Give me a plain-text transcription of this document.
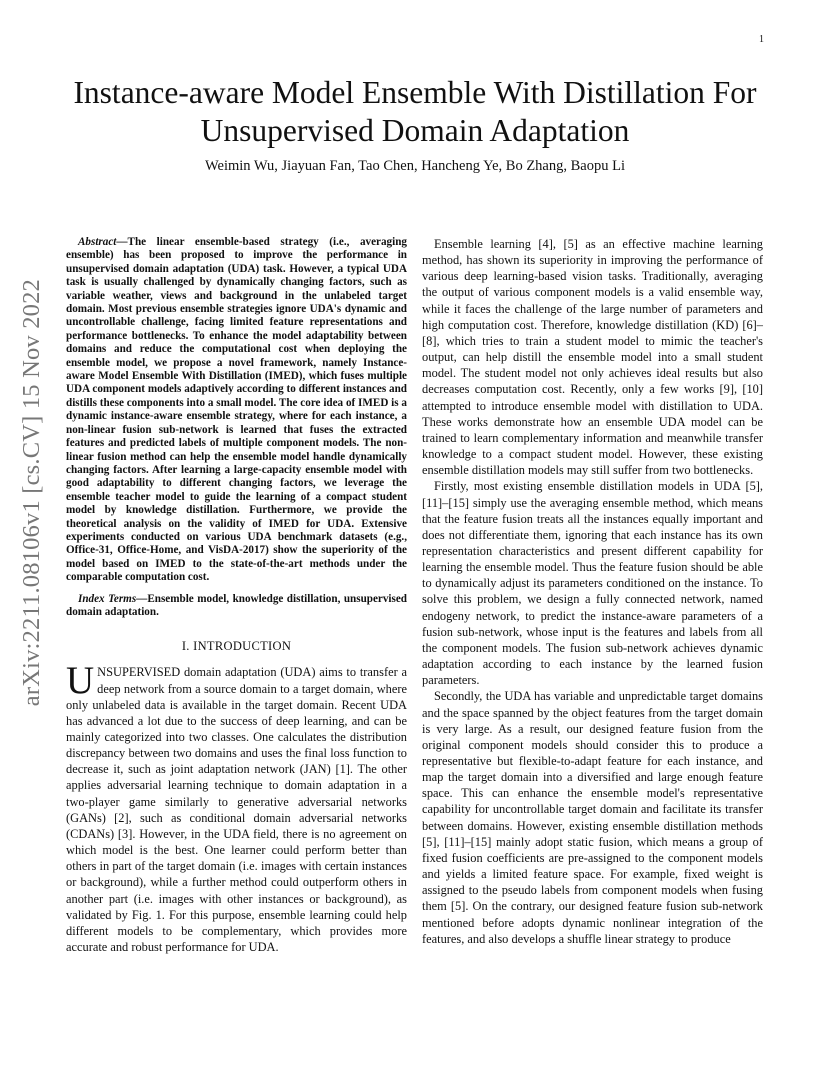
1
arXiv:2211.08106v1 [cs.CV] 15 Nov 2022
Instance-aware Model Ensemble With Distillation For Unsupervised Domain Adaptation
Weimin Wu, Jiayuan Fan, Tao Chen, Hancheng Ye, Bo Zhang, Baopu Li

Abstract—The linear ensemble-based strategy (i.e., averaging ensemble) has been proposed to improve the performance in unsupervised domain adaptation (UDA) task. However, a typical UDA task is usually challenged by dynamically changing factors, such as variable weather, views and background in the unlabeled target domain. Most previous ensemble strategies ignore UDA's dynamic and uncontrollable challenge, facing limited feature representations and performance bottlenecks. To enhance the model adaptability between domains and reduce the computational cost when deploying the ensemble model, we propose a novel framework, namely Instance-aware Model Ensemble With Distillation (IMED), which fuses multiple UDA component models adaptively according to different instances and distills these components into a small model. The core idea of IMED is a dynamic instance-aware ensemble strategy, where for each instance, a non-linear fusion sub-network is learned that fuses the extracted features and predicted labels of multiple component models. The non-linear fusion method can help the ensemble model handle dynamically changing factors. After learning a large-capacity ensemble model with good adaptability to different changing factors, we leverage the ensemble teacher model to guide the learning of a compact student model by knowledge distillation. Furthermore, we provide the theoretical analysis on the validity of IMED for UDA. Extensive experiments conducted on various UDA benchmark datasets (e.g., Office-31, Office-Home, and VisDA-2017) show the superiority of the model based on IMED to the state-of-the-art methods under the comparable computation cost.

Index Terms—Ensemble model, knowledge distillation, unsupervised domain adaptation.

I. INTRODUCTION

UNSUPERVISED domain adaptation (UDA) aims to transfer a deep network from a source domain to a target domain, where only unlabeled data is available in the target domain. Recent UDA has advanced a lot due to the success of deep learning, and can be mainly categorized into two classes. One calculates the distribution discrepancy between two domains and uses the final loss function to decrease it, such as joint adaptation network (JAN) [1]. The other applies adversarial learning technique to domain adaptation in a two-player game similarly to generative adversarial networks (GANs) [2], such as conditional domain adversarial networks (CDANs) [3]. However, in the UDA field, there is no agreement on which model is the best. One learner could perform better than others in part of the target domain (i.e. images with certain instances or background), while a further method could outperform others in another part (i.e. images with other instances or background), as validated by Fig. 1. For this purpose, ensemble learning could help different models to be complementary, which provides more accurate and robust performance for UDA.

Ensemble learning [4], [5] as an effective machine learning method, has shown its superiority in improving the performance of various deep learning-based vision tasks. Traditionally, averaging the output of various component models is a valid ensemble way, while it faces the challenge of the large number of parameters and high computation cost. Therefore, knowledge distillation (KD) [6]–[8], which tries to train a student model to mimic the teacher's output, can help distill the ensemble model into a small student model. The student model not only achieves ideal results but also decreases computation cost. Recently, only a few works [9], [10] attempted to introduce ensemble model with distillation to UDA. These works demonstrate how an ensemble UDA model can be trained to learn complementary information and meanwhile transfer knowledge to a compact student model. However, these existing ensemble distillation models may still suffer from two bottlenecks.

Firstly, most existing ensemble distillation models in UDA [5], [11]–[15] simply use the averaging ensemble method, which means that the feature fusion treats all the instances equally important and does not differentiate them, ignoring that each instance has its own representation characteristics and present different capability for learning the ensemble model. Thus the feature fusion should be able to dynamically adjust its parameters conditioned on the instance. To solve this problem, we design a fully connected network, named endogeny network, to predict the instance-aware parameters of a fusion sub-network, whose input is the features and labels from all the component models. The fusion sub-network achieves dynamic adaptation according to each instance by the learned fusion parameters.

Secondly, the UDA has variable and unpredictable target domains and the space spanned by the object features from the target domain is very large. As a result, our designed feature fusion from the original component models should consider this to produce a representative but flexible-to-adapt feature for each instance, and map the target domain into a diversified and large enough feature space. This can enhance the ensemble model's representative capability for uncontrollable target domain and facilitate its transfer between domains. However, existing ensemble distillation methods [5], [11]–[15] mainly adopt static fusion, which means a group of fixed fusion coefficients are pre-assigned to the component models and yields a limited feature space. For example, fixed weight is assigned to the pseudo labels from component models when fusing them [5]. On the contrary, our designed feature fusion sub-network mentioned before adopts dynamic nonlinear integration of the features, and also develops a shuffle linear strategy to produce
